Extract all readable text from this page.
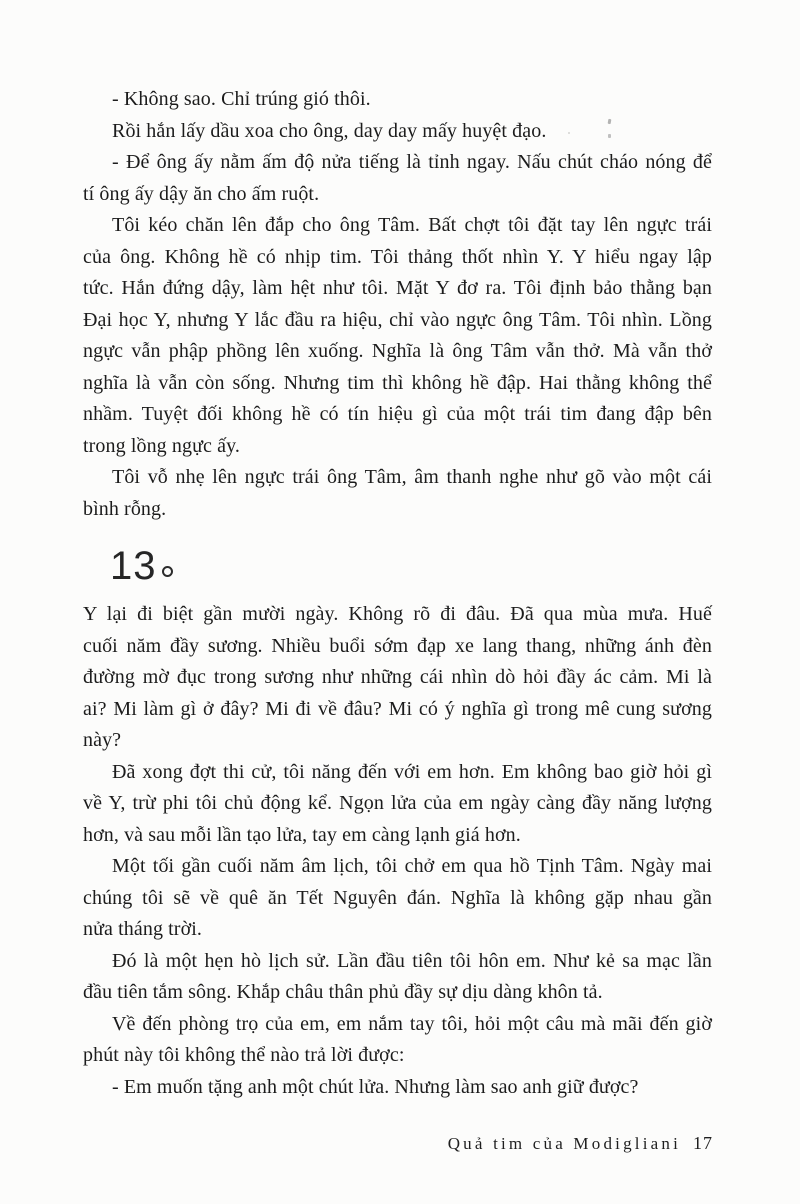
- Không sao. Chỉ trúng gió thôi.
Rồi hắn lấy dầu xoa cho ông, day day mấy huyệt đạo.
- Để ông ấy nằm ấm độ nửa tiếng là tỉnh ngay. Nấu chút cháo nóng để
tí ông ấy dậy ăn cho ấm ruột.
Tôi kéo chăn lên đắp cho ông Tâm. Bất chợt tôi đặt tay lên ngực trái
của ông. Không hề có nhịp tim. Tôi thảng thốt nhìn Y. Y hiểu ngay lập
tức. Hắn đứng dậy, làm hệt như tôi. Mặt Y đơ ra. Tôi định bảo thằng bạn
Đại học Y, nhưng Y lắc đầu ra hiệu, chỉ vào ngực ông Tâm. Tôi nhìn. Lồng
ngực vẫn phập phồng lên xuống. Nghĩa là ông Tâm vẫn thở. Mà vẫn thở
nghĩa là vẫn còn sống. Nhưng tim thì không hề đập. Hai thằng không thể
nhầm. Tuyệt đối không hề có tín hiệu gì của một trái tim đang đập bên
trong lồng ngực ấy.
Tôi vỗ nhẹ lên ngực trái ông Tâm, âm thanh nghe như gõ vào một cái
bình rỗng.
13
Y lại đi biệt gần mười ngày. Không rõ đi đâu. Đã qua mùa mưa. Huế
cuối năm đầy sương. Nhiều buổi sớm đạp xe lang thang, những ánh đèn
đường mờ đục trong sương như những cái nhìn dò hỏi đầy ác cảm. Mi là
ai? Mi làm gì ở đây? Mi đi về đâu? Mi có ý nghĩa gì trong mê cung sương
này?
Đã xong đợt thi cử, tôi năng đến với em hơn. Em không bao giờ hỏi gì
về Y, trừ phi tôi chủ động kể. Ngọn lửa của em ngày càng đầy năng lượng
hơn, và sau mỗi lần tạo lửa, tay em càng lạnh giá hơn.
Một tối gần cuối năm âm lịch, tôi chở em qua hồ Tịnh Tâm. Ngày mai
chúng tôi sẽ về quê ăn Tết Nguyên đán. Nghĩa là không gặp nhau gần
nửa tháng trời.
Đó là một hẹn hò lịch sử. Lần đầu tiên tôi hôn em. Như kẻ sa mạc lần
đầu tiên tắm sông. Khắp châu thân phủ đầy sự dịu dàng khôn tả.
Về đến phòng trọ của em, em nắm tay tôi, hỏi một câu mà mãi đến giờ
phút này tôi không thể nào trả lời được:
- Em muốn tặng anh một chút lửa. Nhưng làm sao anh giữ được?
Quả tim của Modigliani 17
